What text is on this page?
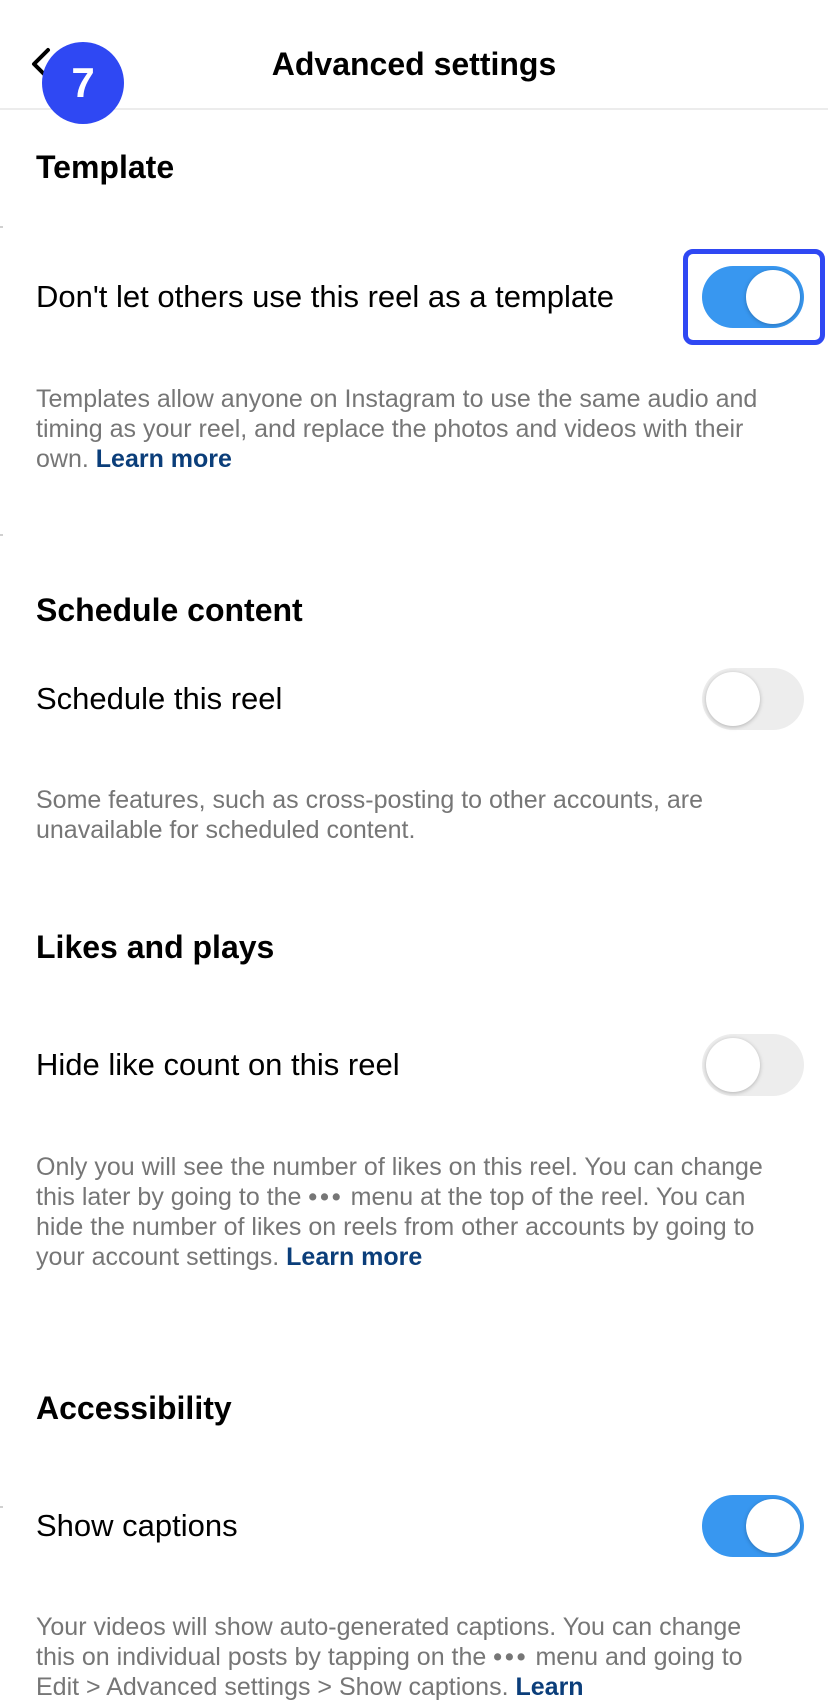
7	Advanced settings
Template
Don't let others use this reel as a template
Templates allow anyone on Instagram to use the same audio and timing as your reel, and replace the photos and videos with their own. Learn more
Schedule content
Schedule this reel
Some features, such as cross-posting to other accounts, are unavailable for scheduled content.
Likes and plays
Hide like count on this reel
Only you will see the number of likes on this reel. You can change this later by going to the ••• menu at the top of the reel. You can hide the number of likes on reels from other accounts by going to your account settings. Learn more
Accessibility
Show captions
Your videos will show auto-generated captions. You can change this on individual posts by tapping on the ••• menu and going to Edit > Advanced settings > Show captions. Learn
